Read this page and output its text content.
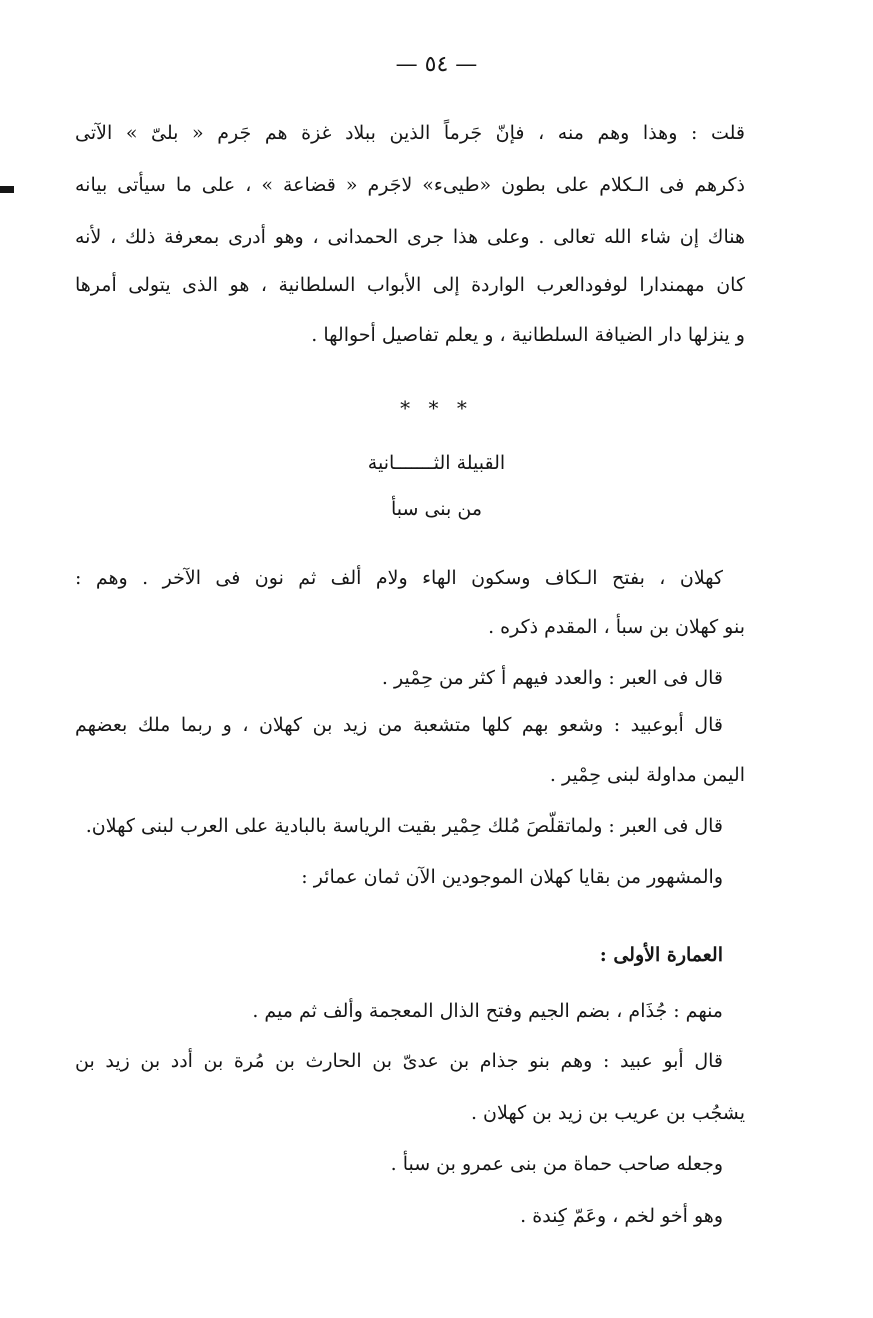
— ٥٤ —
قلت : وهذا وهم منه ، فإنّ جَرماً الذين ببلاد غزة هم جَرم « بلىّ » الآتى
ذكرهم فى الـكلام على بطون «طيىء» لاجَرم « قضاعة » ، على ما سيأتى بيانه
هناك إن شاء الله تعالى . وعلى هذا جرى الحمدانى ، وهو أدرى بمعرفة ذلك ، لأنه
كان مهمندارا لوفودالعرب الواردة إلى الأبواب السلطانية ، هو الذى يتولى أمرها
و ينزلها دار الضيافة السلطانية ، و يعلم تفاصيل أحوالها .
* * *
القبيلة الثـــــــانية
من بنى سبأ
كهلان ، بفتح الـكاف وسكون الهاء ولام ألف ثم نون فى الآخر . وهم :
بنو كهلان بن سبأ ، المقدم ذكره .
قال فى العبر : والعدد فيهم أ كثر من حِمْير .
قال أبوعبيد : وشعو بهم كلها متشعبة من زيد بن كهلان ، و ربما ملك بعضهم
اليمن مداولة لبنى حِمْير .
قال فى العبر : ولماتقلّصَ مُلك حِمْير بقيت الرياسة بالبادية على العرب لبنى كهلان.
والمشهور من بقايا كهلان الموجودين الآن ثمان عمائر :
العمارة الأولى :
منهم : جُذَام ، بضم الجيم وفتح الذال المعجمة وألف ثم ميم .
قال أبو عبيد : وهم بنو جذام بن عدىّ بن الحارث بن مُرة بن أدد بن زيد بن
يشجُب بن عريب بن زيد بن كهلان .
وجعله صاحب حماة من بنى عمرو بن سبأ .
وهو أخو لخم ، وعَمّ كِندة .
